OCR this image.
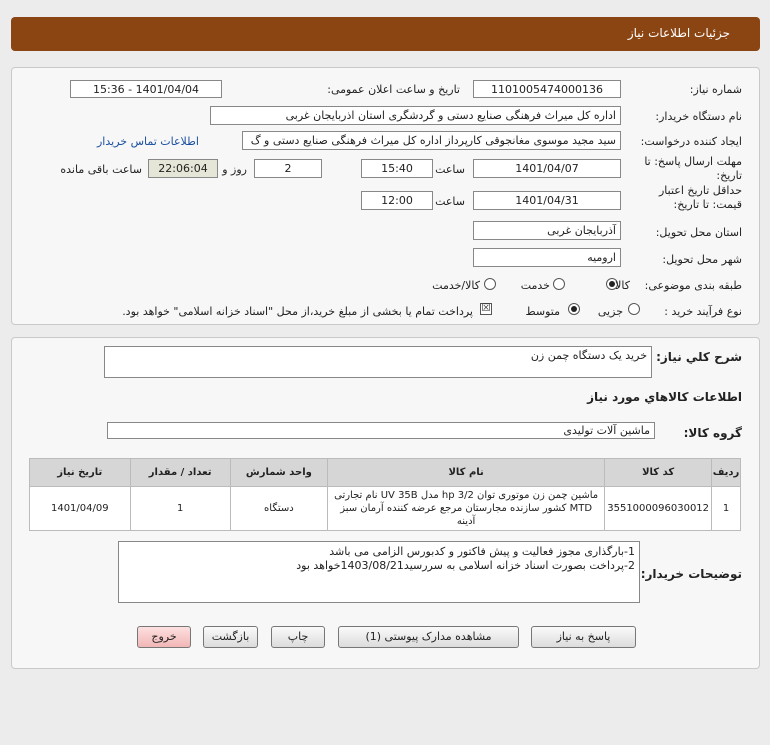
جزئیات اطلاعات نیاز
شماره نیاز:
1101005474000136
تاریخ و ساعت اعلان عمومی:
1401/04/04 - 15:36
نام دستگاه خریدار:
اداره کل میراث فرهنگی صنایع دستی و گردشگری استان اذربایجان غربی
ایجاد کننده درخواست:
سید مجید موسوی مغانجوقی کارپرداز اداره کل میراث فرهنگی صنایع دستی و گ
اطلاعات تماس خریدار
مهلت ارسال پاسخ: تا تاریخ:
1401/04/07
ساعت
15:40
2
روز و
22:06:04
ساعت باقی مانده
حداقل تاریخ اعتبار قیمت: تا تاریخ:
1401/04/31
ساعت
12:00
استان محل تحویل:
آذربایجان غربی
شهر محل تحویل:
ارومیه
طبقه بندی موضوعی:
کالا
خدمت
کالا/خدمت
نوع فرآیند خرید :
جزیی
متوسط
☒
پرداخت تمام یا بخشی از مبلغ خرید،از محل "اسناد خزانه اسلامی" خواهد بود.
شرح کلي نياز:
خرید یک دستگاه چمن زن
اطلاعات کالاهاي مورد نياز
گروه کالا:
ماشین آلات تولیدی
ردیف	کد کالا	نام کالا	واحد شمارش	تعداد / مقدار	تاریخ نیاز
1	3551000096030012	ماشین چمن زن موتوری توان hp 3/2 مدل UV 35B نام تجارتی MTD کشور سازنده مجارستان مرجع عرضه کننده آرمان سبز آدینه	دستگاه	1	1401/04/09
توضیحات خریدار:
1-بارگذاری مجوز فعالیت و پیش فاکتور و کدبورس الزامی می باشد
2-پرداخت بصورت اسناد خزانه اسلامی به سررسید1403/08/21خواهد بود
پاسخ به نیاز
مشاهده مدارک پیوستی (1)
چاپ
بازگشت
خروج
